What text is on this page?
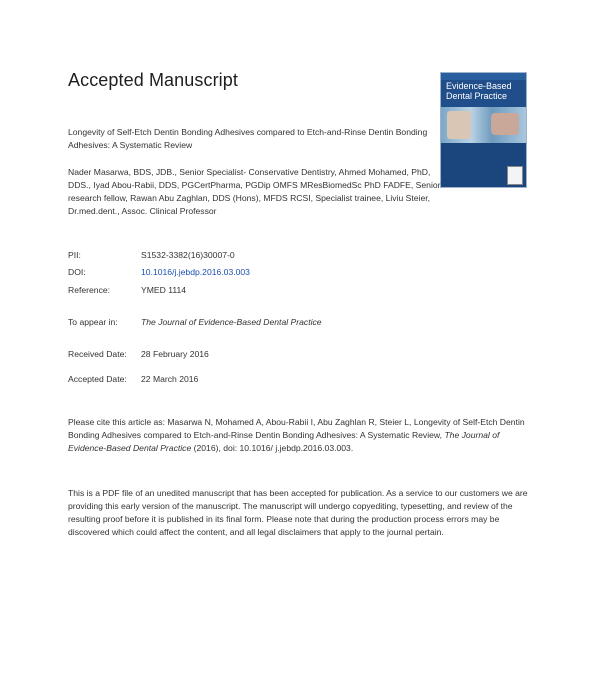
Accepted Manuscript	Evidence-Based
Dental Practice
Longevity of Self-Etch Dentin Bonding Adhesives compared to Etch-and-Rinse Dentin Bonding Adhesives: A Systematic Review
Nader Masarwa, BDS, JDB., Senior Specialist- Conservative Dentistry, Ahmed Mohamed, PhD, DDS., Iyad Abou-Rabii, DDS, PGCertPharma, PGDip OMFS MResBiomedSc PhD FADFE, Senior research fellow, Rawan Abu Zaghlan, DDS (Hons), MFDS RCSI, Specialist trainee, Liviu Steier, Dr.med.dent., Assoc. Clinical Professor
PII:	S1532-3382(16)30007-0
DOI:	10.1016/j.jebdp.2016.03.003
Reference:	YMED 1114
To appear in:	The Journal of Evidence-Based Dental Practice
Received Date: 28 February 2016
Accepted Date: 22 March 2016
Please cite this article as: Masarwa N, Mohamed A, Abou-Rabii I, Abu Zaghlan R, Steier L, Longevity of Self-Etch Dentin Bonding Adhesives compared to Etch-and-Rinse Dentin Bonding Adhesives: A Systematic Review, The Journal of Evidence-Based Dental Practice (2016), doi: 10.1016/ j.jebdp.2016.03.003.
This is a PDF file of an unedited manuscript that has been accepted for publication. As a service to our customers we are providing this early version of the manuscript. The manuscript will undergo copyediting, typesetting, and review of the resulting proof before it is published in its final form. Please note that during the production process errors may be discovered which could affect the content, and all legal disclaimers that apply to the journal pertain.
